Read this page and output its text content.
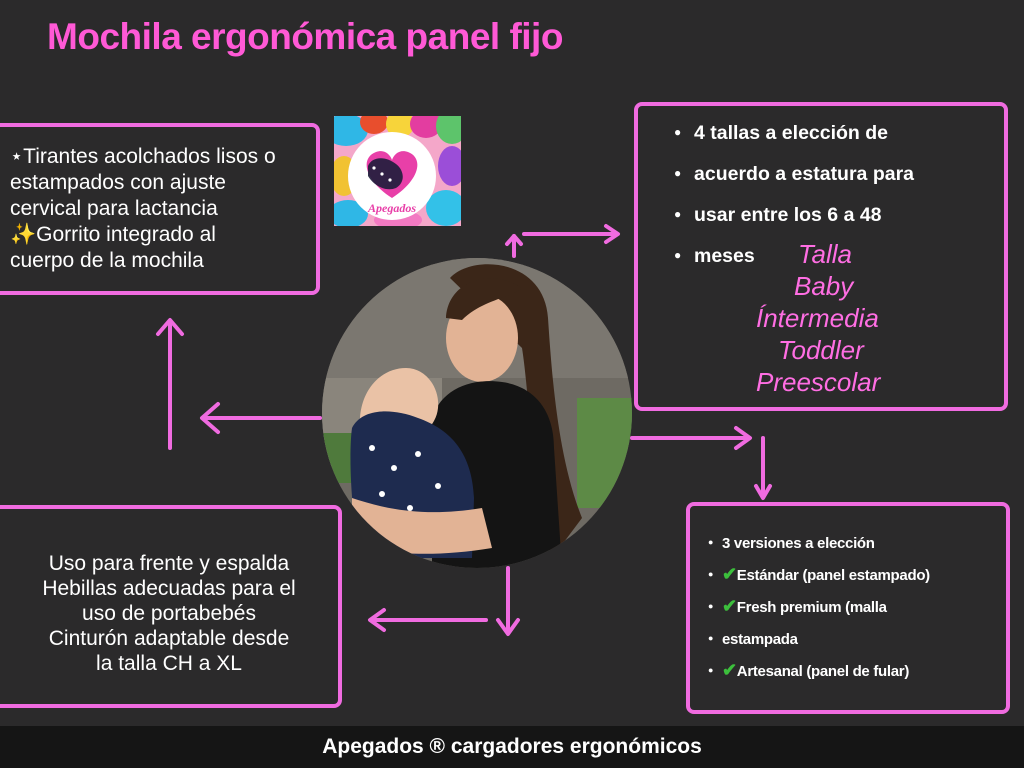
Mochila ergonómica panel fijo
⋆Tirantes acolchados lisos o
estampados con ajuste
cervical para lactancia
✨Gorrito integrado al
cuerpo de la mochila
Apegados
● 4 tallas a elección de
● acuerdo a estatura para
● usar entre los 6 a 48
● meses	Talla
Baby
Íntermedia
Toddler
Preescolar
Uso para frente y espalda
Hebillas adecuadas para el
uso de portabebés
Cinturón adaptable desde
la talla CH a XL
● 3 versiones a elección
● ✔Estándar (panel estampado)
● ✔Fresh premium (malla
● estampada
● ✔Artesanal (panel de fular)
Apegados ® cargadores ergonómicos
